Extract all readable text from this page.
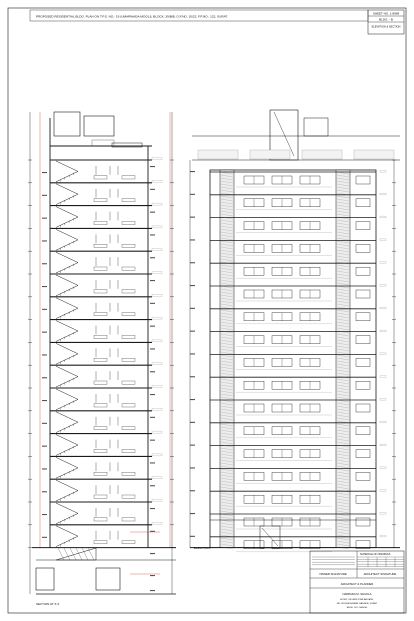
PROPOSED RESIDENTIAL BLDG. PLAN ON T.P.S. NO.: 19 (UMARWADA-MOGLI), BLOCK: 39/B/B, O.P.NO. 10/22, F.P.NO.: 122, SURAT.
SHEET NO. 1-8/8/8
BLDG. - B
ELEVATION & SECTION
SECTION AT X-X
ELEVATION
SCHEDULE OF OPENINGS
OWNER SIGNATURE	ARCHITECT SIGNATURE
ARCHITECT & PLANNER
NARPADA M. SHUKLA
B/1302, SILVERSTONE ARCADE,
NR. SIDDHESHWARI, RANDER, SURAT.
REGD. NO. CA/0000
